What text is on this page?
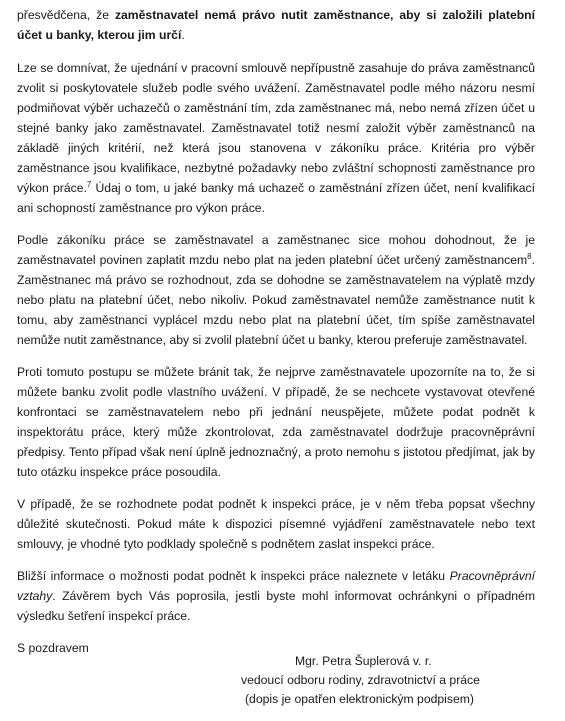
přesvědčena, že zaměstnavatel nemá právo nutit zaměstnance, aby si založili platební účet u banky, kterou jim určí.

Lze se domnívat, že ujednání v pracovní smlouvě nepřípustně zasahuje do práva zaměstnanců zvolit si poskytovatele služeb podle svého uvážení. Zaměstnavatel podle mého názoru nesmí podmiňovat výběr uchazečů o zaměstnání tím, zda zaměstnanec má, nebo nemá zřízen účet u stejné banky jako zaměstnavatel. Zaměstnavatel totiž nesmí založit výběr zaměstnanců na základě jiných kritérií, než která jsou stanovena v zákoníku práce. Kritéria pro výběr zaměstnance jsou kvalifikace, nezbytné požadavky nebo zvláštní schopnosti zaměstnance pro výkon práce.$^7$ Údaj o tom, u jaké banky má uchazeč o zaměstnání zřízen účet, není kvalifikací ani schopností zaměstnance pro výkon práce.

Podle zákoníku práce se zaměstnavatel a zaměstnanec sice mohou dohodnout, že je zaměstnavatel povinen zaplatit mzdu nebo plat na jeden platební účet určený zaměstnancem$^8$. Zaměstnanec má právo se rozhodnout, zda se dohodne se zaměstnavatelem na výplatě mzdy nebo platu na platební účet, nebo nikoliv. Pokud zaměstnavatel nemůže zaměstnance nutit k tomu, aby zaměstnanci vyplácel mzdu nebo plat na platební účet, tím spíše zaměstnavatel nemůže nutit zaměstnance, aby si zvolil platební účet u banky, kterou preferuje zaměstnavatel.

Proti tomuto postupu se můžete bránit tak, že nejprve zaměstnavatele upozorníte na to, že si můžete banku zvolit podle vlastního uvážení. V případě, že se nechcete vystavovat otevřené konfrontaci se zaměstnavatelem nebo při jednání neuspějete, můžete podat podnět k inspektorátu práce, který může zkontrolovat, zda zaměstnavatel dodržuje pracovněprávní předpisy. Tento případ však není úplně jednoznačný, a proto nemohu s jistotou předjímat, jak by tuto otázku inspekce práce posoudila.

V případě, že se rozhodnete podat podnět k inspekci práce, je v něm třeba popsat všechny důležité skutečnosti. Pokud máte k dispozici písemné vyjádření zaměstnavatele nebo text smlouvy, je vhodné tyto podklady společně s podnětem zaslat inspekci práce.

Bližší informace o možnosti podat podnět k inspekci práce naleznete v letáku Pracovněprávní vztahy. Závěrem bych Vás poprosila, jestli byste mohl informovat ochránkyni o případném výsledku šetření inspekcí práce.

S pozdravem

Mgr. Petra Šuplerová v. r.
vedoucí odboru rodiny, zdravotnictví a práce
(dopis je opatřen elektronickým podpisem)
